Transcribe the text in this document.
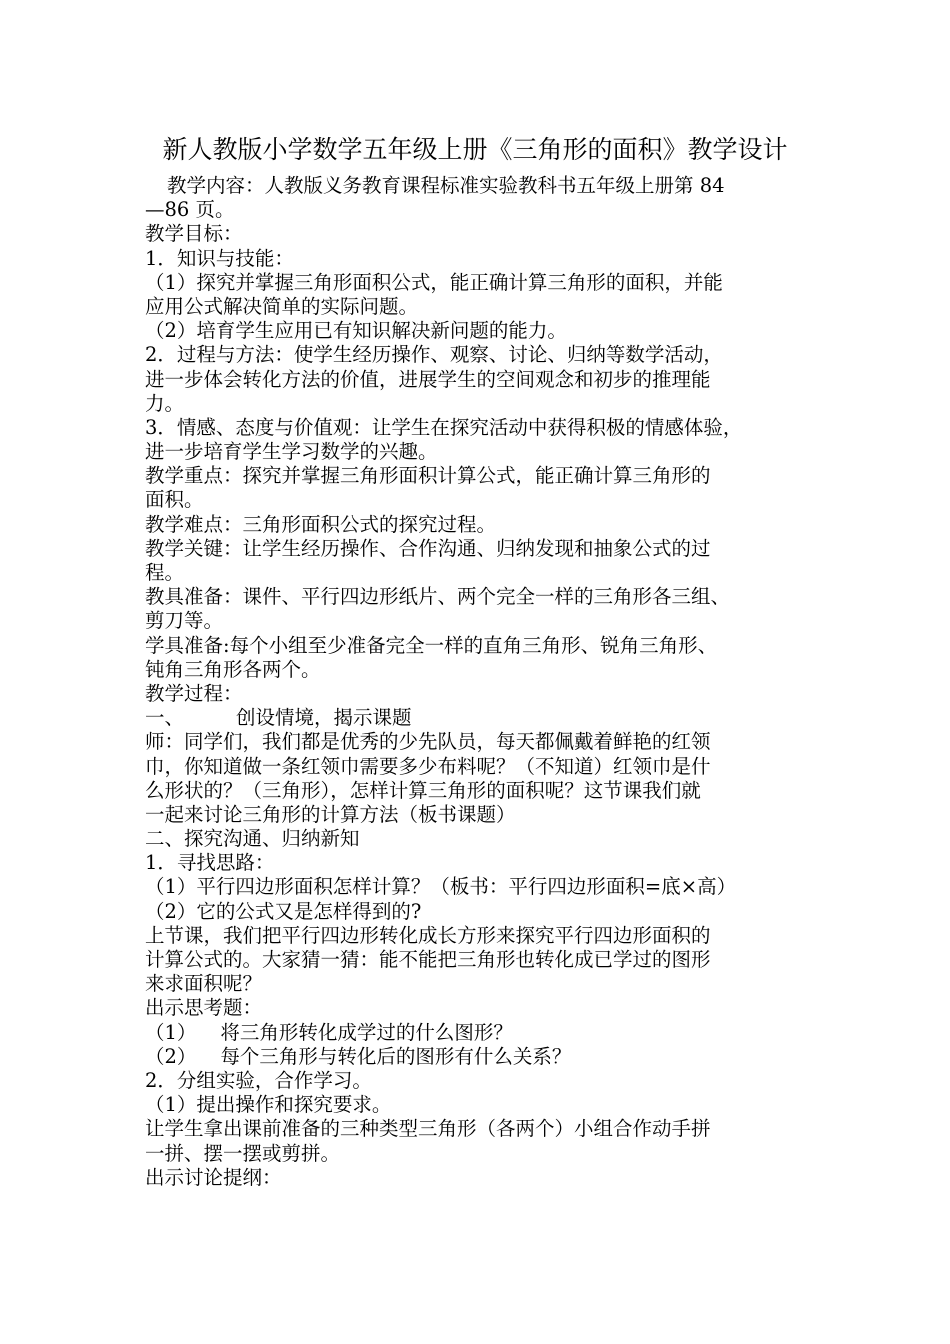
新人教版小学数学五年级上册《三角形的面积》教学设计
教学内容：人教版义务教育课程标准实验教科书五年级上册第 84
—86 页。
教学目标：
1．知识与技能：
（1）探究并掌握三角形面积公式，能正确计算三角形的面积，并能
应用公式解决简单的实际问题。
（2）培育学生应用已有知识解决新问题的能力。
2．过程与方法：使学生经历操作、观察、讨论、归纳等数学活动，
进一步体会转化方法的价值，进展学生的空间观念和初步的推理能
力。
3．情感、态度与价值观：让学生在探究活动中获得积极的情感体验，
进一步培育学生学习数学的兴趣。
教学重点：探究并掌握三角形面积计算公式，能正确计算三角形的
面积。
教学难点：三角形面积公式的探究过程。
教学关键：让学生经历操作、合作沟通、归纳发现和抽象公式的过
程。
教具准备：课件、平行四边形纸片、两个完全一样的三角形各三组、
剪刀等。
学具准备:每个小组至少准备完全一样的直角三角形、锐角三角形、
钝角三角形各两个。
教学过程：
一、	创设情境，揭示课题
师：同学们，我们都是优秀的少先队员，每天都佩戴着鲜艳的红领
巾，你知道做一条红领巾需要多少布料呢？（不知道）红领巾是什
么形状的？（三角形），怎样计算三角形的面积呢？这节课我们就
一起来讨论三角形的计算方法（板书课题）
二、探究沟通、归纳新知
1．寻找思路：
（1）平行四边形面积怎样计算？（板书：平行四边形面积=底×高）
（2）它的公式又是怎样得到的?
上节课，我们把平行四边形转化成长方形来探究平行四边形面积的
计算公式的。大家猜一猜：能不能把三角形也转化成已学过的图形
来求面积呢？
出示思考题：
（1） 将三角形转化成学过的什么图形？
（2） 每个三角形与转化后的图形有什么关系？
2．分组实验，合作学习。
（1）提出操作和探究要求。
让学生拿出课前准备的三种类型三角形（各两个）小组合作动手拼
一拼、摆一摆或剪拼。
出示讨论提纲：
